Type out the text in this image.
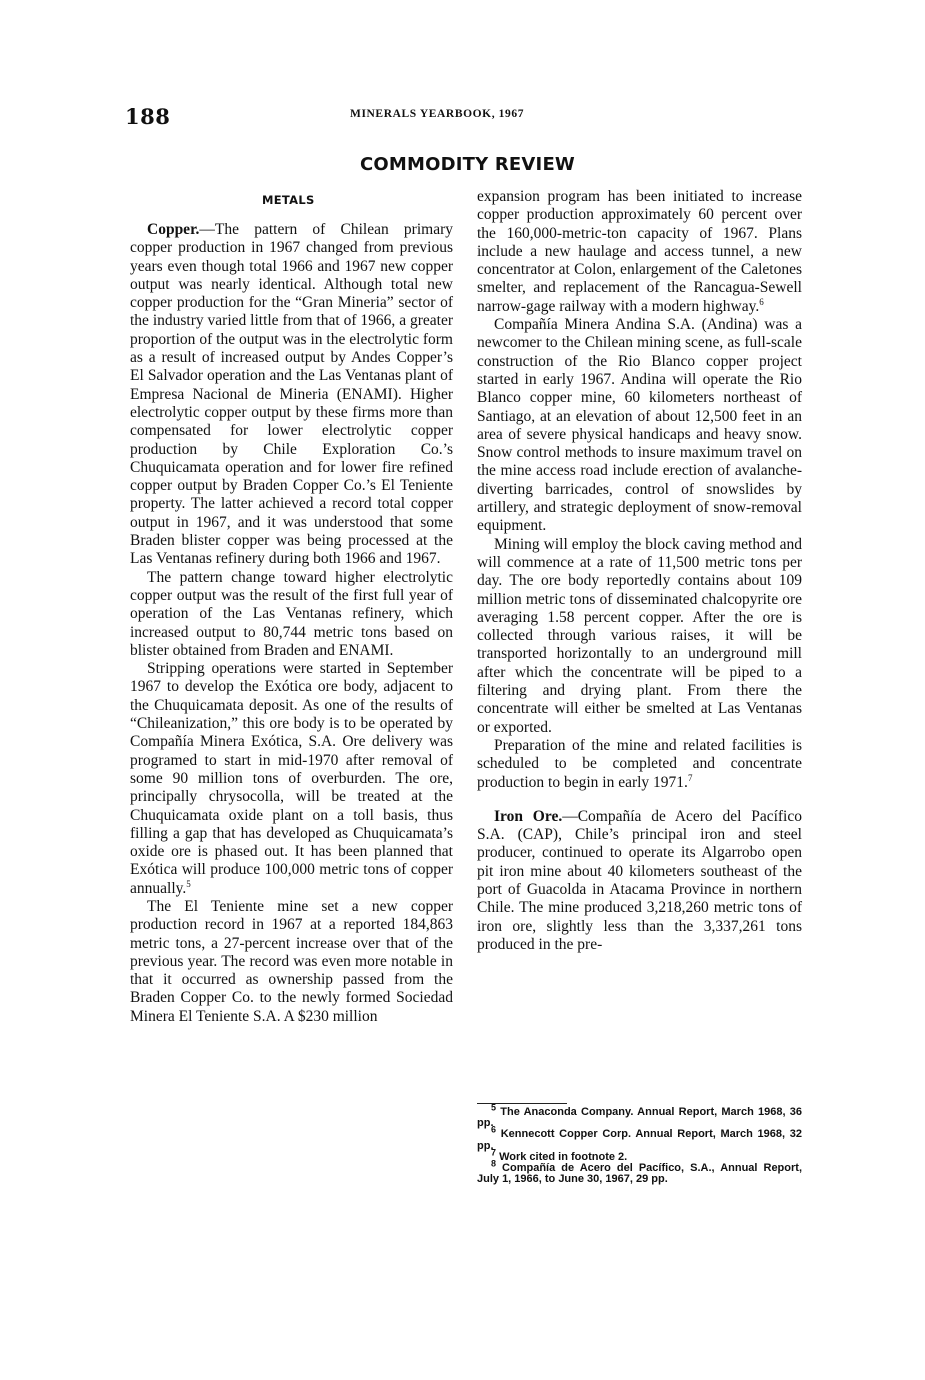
188	MINERALS YEARBOOK, 1967
COMMODITY REVIEW
METALS

Copper.—The pattern of Chilean primary copper production in 1967 changed from previous years even though total 1966 and 1967 new copper output was nearly identical. Although total new copper production for the “Gran Mineria” sector of the industry varied little from that of 1966, a greater proportion of the output was in the electrolytic form as a result of increased output by Andes Copper’s El Salvador operation and the Las Ventanas plant of Empresa Nacional de Mineria (ENAMI). Higher electrolytic copper output by these firms more than compensated for lower electrolytic copper production by Chile Exploration Co.’s Chuquicamata operation and for lower fire refined copper output by Braden Copper Co.’s El Teniente property. The latter achieved a record total copper output in 1967, and it was understood that some Braden blister copper was being processed at the Las Ventanas refinery during both 1966 and 1967.

The pattern change toward higher electrolytic copper output was the result of the first full year of operation of the Las Ventanas refinery, which increased output to 80,744 metric tons based on blister obtained from Braden and ENAMI.

Stripping operations were started in September 1967 to develop the Exótica ore body, adjacent to the Chuquicamata deposit. As one of the results of “Chileanization,” this ore body is to be operated by Compañía Minera Exótica, S.A. Ore delivery was programed to start in mid-1970 after removal of some 90 million tons of overburden. The ore, principally chrysocolla, will be treated at the Chuquicamata oxide plant on a toll basis, thus filling a gap that has developed as Chuquicamata’s oxide ore is phased out. It has been planned that Exótica will produce 100,000 metric tons of copper annually.$^5$

The El Teniente mine set a new copper production record in 1967 at a reported 184,863 metric tons, a 27-percent increase over that of the previous year. The record was even more notable in that it occurred as ownership passed from the Braden Copper Co. to the newly formed Sociedad Minera El Teniente S.A. A $230 million

expansion program has been initiated to increase copper production approximately 60 percent over the 160,000-metric-ton capacity of 1967. Plans include a new haulage and access tunnel, a new concentrator at Colon, enlargement of the Caletones smelter, and replacement of the Rancagua-Sewell narrow-gage railway with a modern highway.$^6$

Compañía Minera Andina S.A. (Andina) was a newcomer to the Chilean mining scene, as full-scale construction of the Rio Blanco copper project started in early 1967. Andina will operate the Rio Blanco copper mine, 60 kilometers northeast of Santiago, at an elevation of about 12,500 feet in an area of severe physical handicaps and heavy snow. Snow control methods to insure maximum travel on the mine access road include erection of avalanche-diverting barricades, control of snowslides by artillery, and strategic deployment of snow-removal equipment.

Mining will employ the block caving method and will commence at a rate of 11,500 metric tons per day. The ore body reportedly contains about 109 million metric tons of disseminated chalcopyrite ore averaging 1.58 percent copper. After the ore is collected through various raises, it will be transported horizontally to an underground mill after which the concentrate will be piped to a filtering and drying plant. From there the concentrate will either be smelted at Las Ventanas or exported.

Preparation of the mine and related facilities is scheduled to be completed and concentrate production to begin in early 1971.$^7$

Iron Ore.—Compañía de Acero del Pacífico S.A. (CAP), Chile’s principal iron and steel producer, continued to operate its Algarrobo open pit iron mine about 40 kilometers southeast of the port of Guacolda in Atacama Province in northern Chile. The mine produced 3,218,260 metric tons of iron ore, slightly less than the 3,337,261 tons produced in the pre-

$^5$ The Anaconda Company. Annual Report, March 1968, 36 pp.

$^6$ Kennecott Copper Corp. Annual Report, March 1968, 32 pp.

$^7$ Work cited in footnote 2.

$^8$ Compañía de Acero del Pacífico, S.A., Annual Report, July 1, 1966, to June 30, 1967, 29 pp.
